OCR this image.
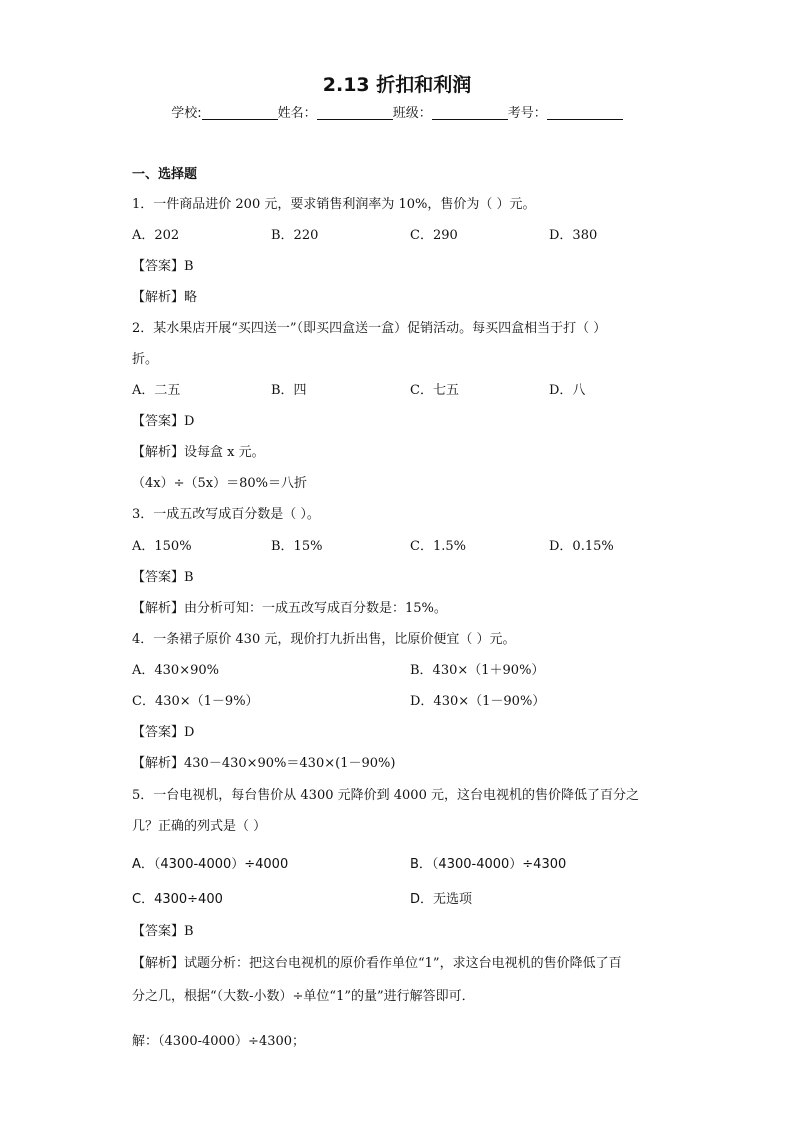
2.13 折扣和利润
学校:	姓名：	班级：	考号：
一、选择题
1．一件商品进价 200 元，要求销售利润率为 10%，售价为（ ）元。
A．202	B．220	C．290	D．380
【答案】B
【解析】略
2．某水果店开展“买四送一”（即买四盒送一盒）促销活动。每买四盒相当于打（ ）
折。
A．二五	B．四	C．七五	D．八
【答案】D
【解析】设每盒 x 元。
（4x）÷（5x）＝80%＝八折
3．一成五改写成百分数是（ ）。
A．150%	B．15%	C．1.5%	D．0.15%
【答案】B
【解析】由分析可知：一成五改写成百分数是：15%。
4．一条裙子原价 430 元，现价打九折出售，比原价便宜（ ）元。
A．430×90%	B．430×（1＋90%）
C．430×（1－9%）	D．430×（1－90%）
【答案】D
【解析】430－430×90%＝430×(1－90%)
5．一台电视机，每台售价从 4300 元降价到 4000 元，这台电视机的售价降低了百分之
几？正确的列式是（ ）
A．（4300-4000）÷4000	B．（4300-4000）÷4300
C．4300÷400	D．无选项
【答案】B
【解析】试题分析：把这台电视机的原价看作单位“1”，求这台电视机的售价降低了百
分之几，根据“（大数-小数）÷单位“1”的量”进行解答即可．
解：（4300-4000）÷4300；
